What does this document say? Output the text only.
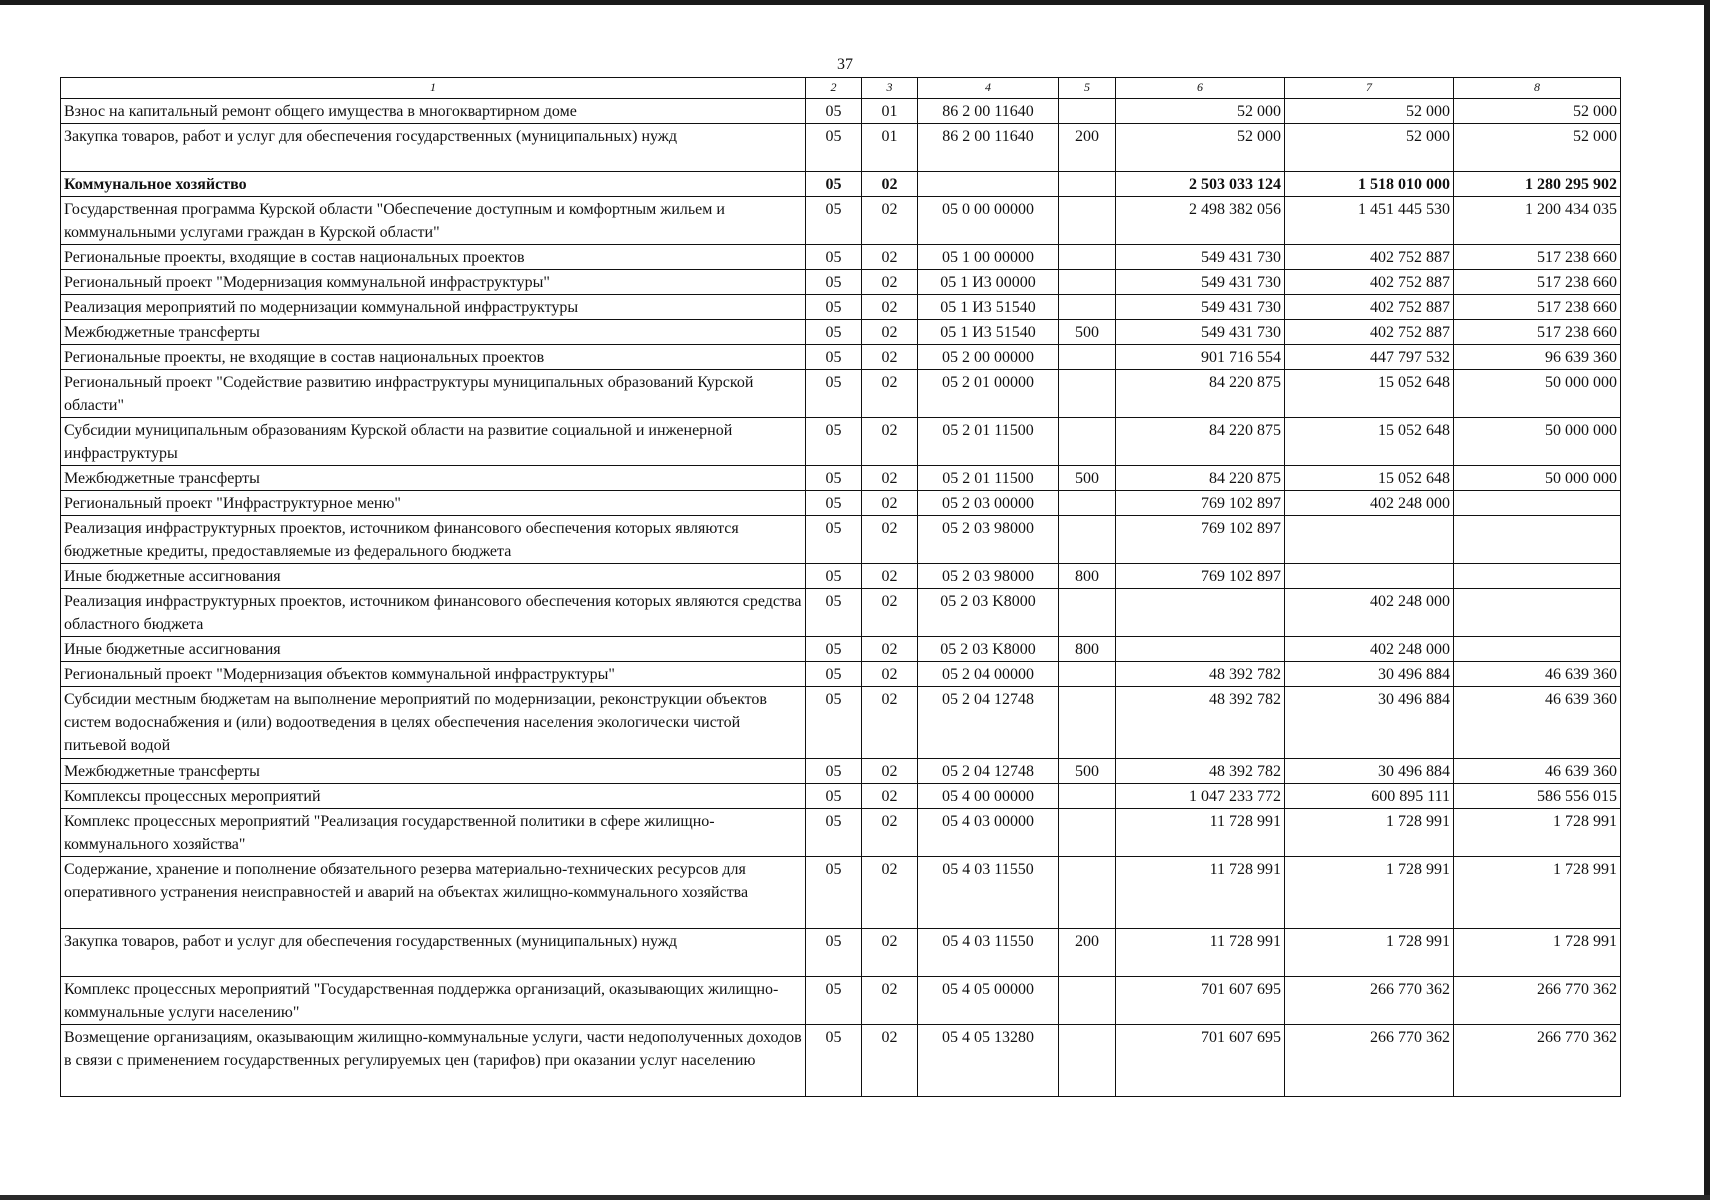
37
1	2	3	4	5	6	7	8
Взнос на капитальный ремонт общего имущества в многоквартирном доме	05	01	86 2 00 11640		52 000	52 000	52 000
Закупка товаров, работ и услуг для обеспечения государственных (муниципальных) нужд	05	01	86 2 00 11640	200	52 000	52 000	52 000
Коммунальное хозяйство	05	02			2 503 033 124	1 518 010 000	1 280 295 902
Государственная программа Курской области "Обеспечение доступным и комфортным жильем и коммунальными услугами граждан в Курской области"	05	02	05 0 00 00000		2 498 382 056	1 451 445 530	1 200 434 035
Региональные проекты, входящие в состав национальных проектов	05	02	05 1 00 00000		549 431 730	402 752 887	517 238 660
Региональный проект "Модернизация коммунальной инфраструктуры"	05	02	05 1 И3 00000		549 431 730	402 752 887	517 238 660
Реализация мероприятий по модернизации коммунальной инфраструктуры	05	02	05 1 И3 51540		549 431 730	402 752 887	517 238 660
Межбюджетные трансферты	05	02	05 1 И3 51540	500	549 431 730	402 752 887	517 238 660
Региональные проекты, не входящие в состав национальных проектов	05	02	05 2 00 00000		901 716 554	447 797 532	96 639 360
Региональный проект "Содействие развитию инфраструктуры муниципальных образований Курской области"	05	02	05 2 01 00000		84 220 875	15 052 648	50 000 000
Субсидии муниципальным образованиям Курской области на развитие социальной и инженерной инфраструктуры	05	02	05 2 01 11500		84 220 875	15 052 648	50 000 000
Межбюджетные трансферты	05	02	05 2 01 11500	500	84 220 875	15 052 648	50 000 000
Региональный проект "Инфраструктурное меню"	05	02	05 2 03 00000		769 102 897	402 248 000	
Реализация инфраструктурных проектов, источником финансового обеспечения которых являются бюджетные кредиты, предоставляемые из федерального бюджета	05	02	05 2 03 98000		769 102 897		
Иные бюджетные ассигнования	05	02	05 2 03 98000	800	769 102 897		
Реализация инфраструктурных проектов, источником финансового обеспечения которых являются средства областного бюджета	05	02	05 2 03 K8000			402 248 000	
Иные бюджетные ассигнования	05	02	05 2 03 K8000	800		402 248 000	
Региональный проект "Модернизация объектов коммунальной инфраструктуры"	05	02	05 2 04 00000		48 392 782	30 496 884	46 639 360
Субсидии местным бюджетам на выполнение мероприятий по модернизации, реконструкции объектов систем водоснабжения и (или) водоотведения в целях обеспечения населения экологически чистой питьевой водой	05	02	05 2 04 12748		48 392 782	30 496 884	46 639 360
Межбюджетные трансферты	05	02	05 2 04 12748	500	48 392 782	30 496 884	46 639 360
Комплексы процессных мероприятий	05	02	05 4 00 00000		1 047 233 772	600 895 111	586 556 015
Комплекс процессных мероприятий "Реализация государственной политики в сфере жилищно-коммунального хозяйства"	05	02	05 4 03 00000		11 728 991	1 728 991	1 728 991
Содержание, хранение и пополнение обязательного резерва материально-технических ресурсов для оперативного устранения неисправностей и аварий на объектах жилищно-коммунального хозяйства	05	02	05 4 03 11550		11 728 991	1 728 991	1 728 991
Закупка товаров, работ и услуг для обеспечения государственных (муниципальных) нужд	05	02	05 4 03 11550	200	11 728 991	1 728 991	1 728 991
Комплекс процессных мероприятий "Государственная поддержка организаций, оказывающих жилищно-коммунальные услуги населению"	05	02	05 4 05 00000		701 607 695	266 770 362	266 770 362
Возмещение организациям, оказывающим жилищно-коммунальные услуги, части недополученных доходов в связи с применением государственных регулируемых цен (тарифов) при оказании услуг населению	05	02	05 4 05 13280		701 607 695	266 770 362	266 770 362
